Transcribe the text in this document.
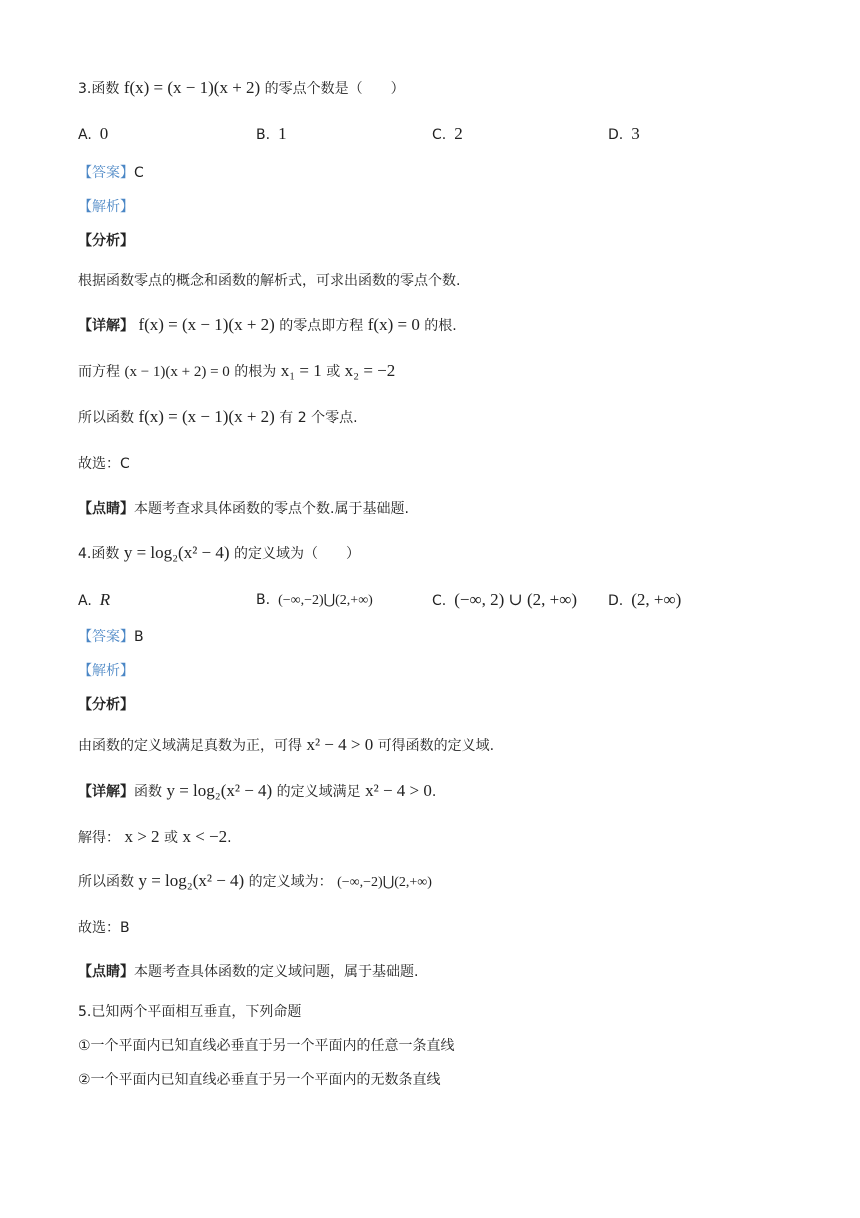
3.函数 f(x) = (x − 1)(x + 2) 的零点个数是（　　）
A. 0	B. 1	C. 2	D. 3
【答案】C
【解析】
【分析】
根据函数零点的概念和函数的解析式，可求出函数的零点个数.
【详解】 f(x) = (x − 1)(x + 2) 的零点即方程 f(x) = 0 的根.
而方程 (x − 1)(x + 2) = 0 的根为 x₁ = 1 或 x₂ = −2
所以函数 f(x) = (x − 1)(x + 2) 有 2 个零点.
故选：C
【点睛】本题考查求具体函数的零点个数.属于基础题.
4.函数 y = log₂(x² − 4) 的定义域为（　　）
A. R	B. (−∞,−2)⋃(2,+∞)	C. (−∞, 2) ∪ (2, +∞) D. (2, +∞)
【答案】B
【解析】
【分析】
由函数的定义域满足真数为正，可得 x² − 4 > 0 可得函数的定义域.
【详解】函数 y = log₂(x² − 4) 的定义域满足 x² − 4 > 0.
解得： x > 2 或 x < −2.
所以函数 y = log₂(x² − 4) 的定义域为： (−∞,−2)⋃(2,+∞)
故选：B
【点睛】本题考查具体函数的定义域问题，属于基础题.
5.已知两个平面相互垂直，下列命题
①一个平面内已知直线必垂直于另一个平面内的任意一条直线
②一个平面内已知直线必垂直于另一个平面内的无数条直线
